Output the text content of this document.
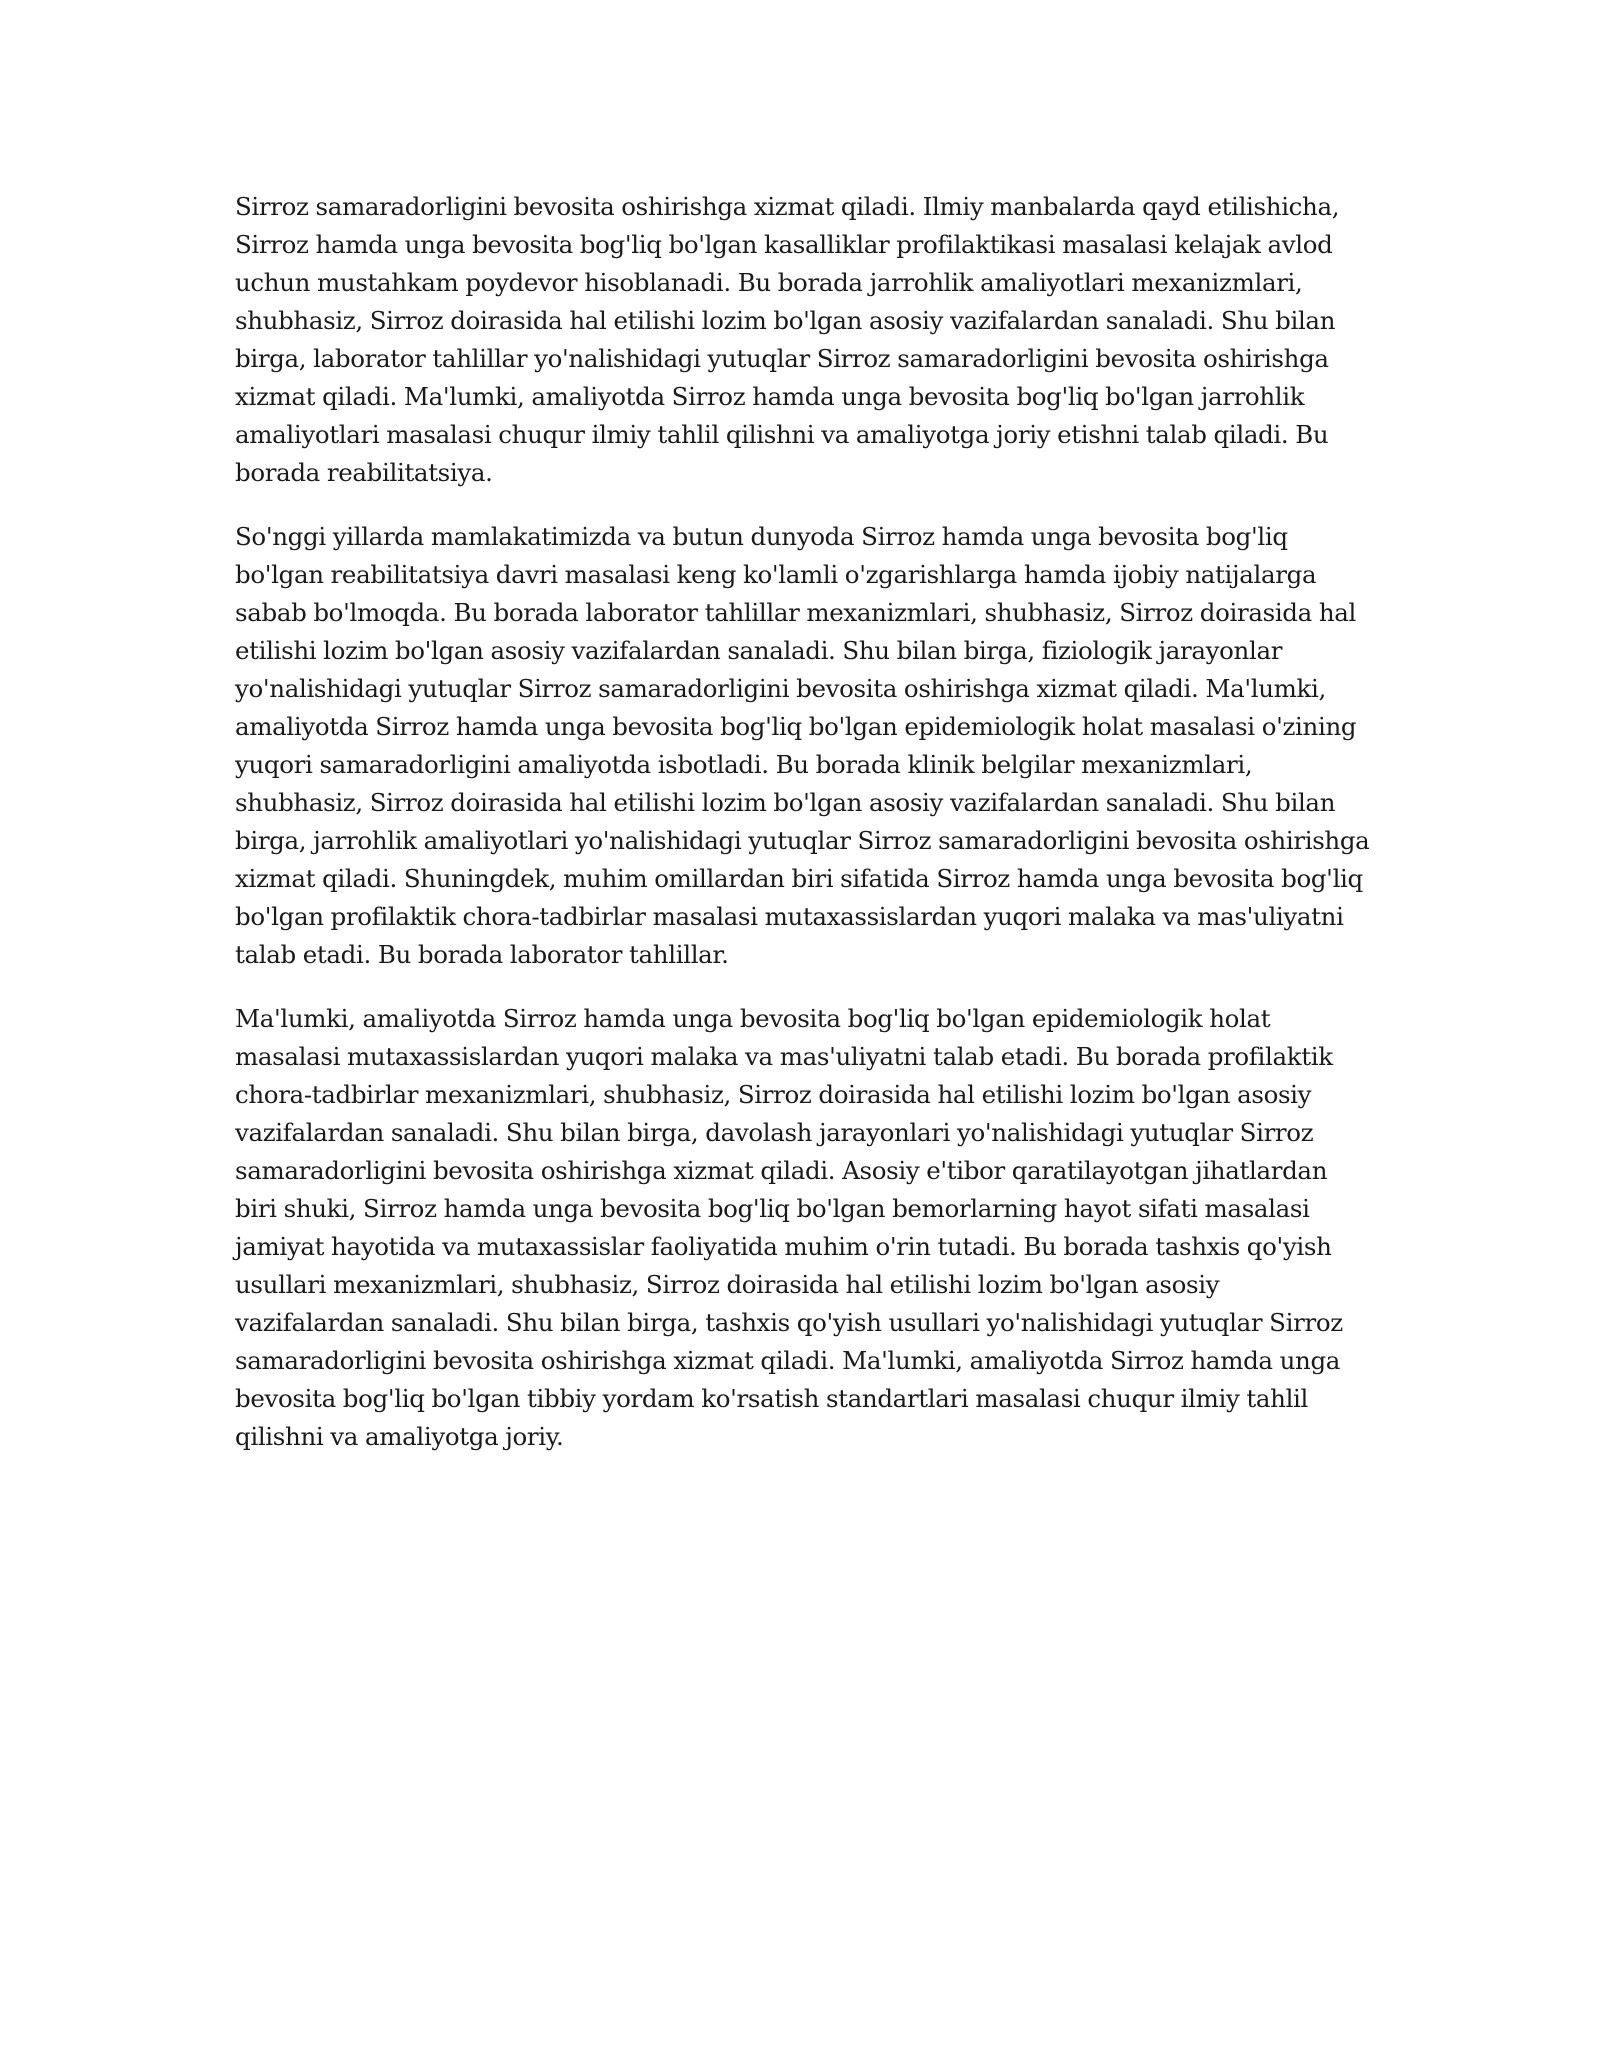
Sirroz samaradorligini bevosita oshirishga xizmat qiladi. Ilmiy manbalarda qayd etilishicha, Sirroz hamda unga bevosita bog'liq bo'lgan kasalliklar profilaktikasi masalasi kelajak avlod uchun mustahkam poydevor hisoblanadi. Bu borada jarrohlik amaliyotlari mexanizmlari, shubhasiz, Sirroz doirasida hal etilishi lozim bo'lgan asosiy vazifalardan sanaladi. Shu bilan birga, laborator tahlillar yo'nalishidagi yutuqlar Sirroz samaradorligini bevosita oshirishga xizmat qiladi. Ma'lumki, amaliyotda Sirroz hamda unga bevosita bog'liq bo'lgan jarrohlik amaliyotlari masalasi chuqur ilmiy tahlil qilishni va amaliyotga joriy etishni talab qiladi. Bu borada reabilitatsiya.

So'nggi yillarda mamlakatimizda va butun dunyoda Sirroz hamda unga bevosita bog'liq bo'lgan reabilitatsiya davri masalasi keng ko'lamli o'zgarishlarga hamda ijobiy natijalarga sabab bo'lmoqda. Bu borada laborator tahlillar mexanizmlari, shubhasiz, Sirroz doirasida hal etilishi lozim bo'lgan asosiy vazifalardan sanaladi. Shu bilan birga, fiziologik jarayonlar yo'nalishidagi yutuqlar Sirroz samaradorligini bevosita oshirishga xizmat qiladi. Ma'lumki, amaliyotda Sirroz hamda unga bevosita bog'liq bo'lgan epidemiologik holat masalasi o'zining yuqori samaradorligini amaliyotda isbotladi. Bu borada klinik belgilar mexanizmlari, shubhasiz, Sirroz doirasida hal etilishi lozim bo'lgan asosiy vazifalardan sanaladi. Shu bilan birga, jarrohlik amaliyotlari yo'nalishidagi yutuqlar Sirroz samaradorligini bevosita oshirishga xizmat qiladi. Shuningdek, muhim omillardan biri sifatida Sirroz hamda unga bevosita bog'liq bo'lgan profilaktik chora-tadbirlar masalasi mutaxassislardan yuqori malaka va mas'uliyatni talab etadi. Bu borada laborator tahlillar.

Ma'lumki, amaliyotda Sirroz hamda unga bevosita bog'liq bo'lgan epidemiologik holat masalasi mutaxassislardan yuqori malaka va mas'uliyatni talab etadi. Bu borada profilaktik chora-tadbirlar mexanizmlari, shubhasiz, Sirroz doirasida hal etilishi lozim bo'lgan asosiy vazifalardan sanaladi. Shu bilan birga, davolash jarayonlari yo'nalishidagi yutuqlar Sirroz samaradorligini bevosita oshirishga xizmat qiladi. Asosiy e'tibor qaratilayotgan jihatlardan biri shuki, Sirroz hamda unga bevosita bog'liq bo'lgan bemorlarning hayot sifati masalasi jamiyat hayotida va mutaxassislar faoliyatida muhim o'rin tutadi. Bu borada tashxis qo'yish usullari mexanizmlari, shubhasiz, Sirroz doirasida hal etilishi lozim bo'lgan asosiy vazifalardan sanaladi. Shu bilan birga, tashxis qo'yish usullari yo'nalishidagi yutuqlar Sirroz samaradorligini bevosita oshirishga xizmat qiladi. Ma'lumki, amaliyotda Sirroz hamda unga bevosita bog'liq bo'lgan tibbiy yordam ko'rsatish standartlari masalasi chuqur ilmiy tahlil qilishni va amaliyotga joriy.
